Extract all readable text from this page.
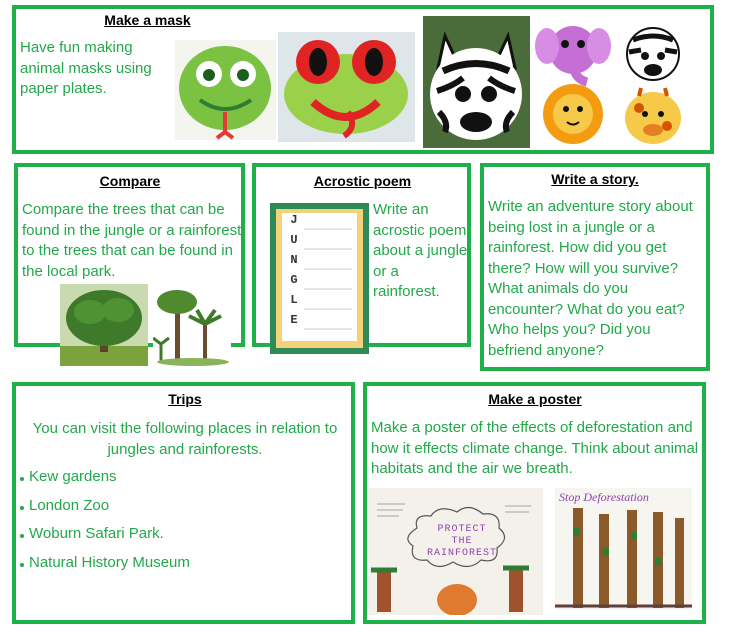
Make a mask
Have fun making animal masks using paper plates.
Compare
Compare the trees that can be found in the jungle or a rainforest to the trees that can be found in the local park.
Acrostic poem
J
U
N
G
L
E
Write an acrostic poem about a jungle or a rainforest.
Write a story.
Write an adventure story about being lost in a jungle or a rainforest. How did you get there? How will you survive? What animals do you encounter? What do you eat? Who helps you? Did you befriend anyone?
Trips
You can visit the following places in relation to jungles and rainforests.
Kew gardens
London Zoo
Woburn Safari Park.
Natural History Museum
Make a poster
Make a poster of the effects of deforestation and how it effects climate change. Think about animal habitats and the air we breath.
PROTECT THE RAINFOREST
Stop Deforestation
